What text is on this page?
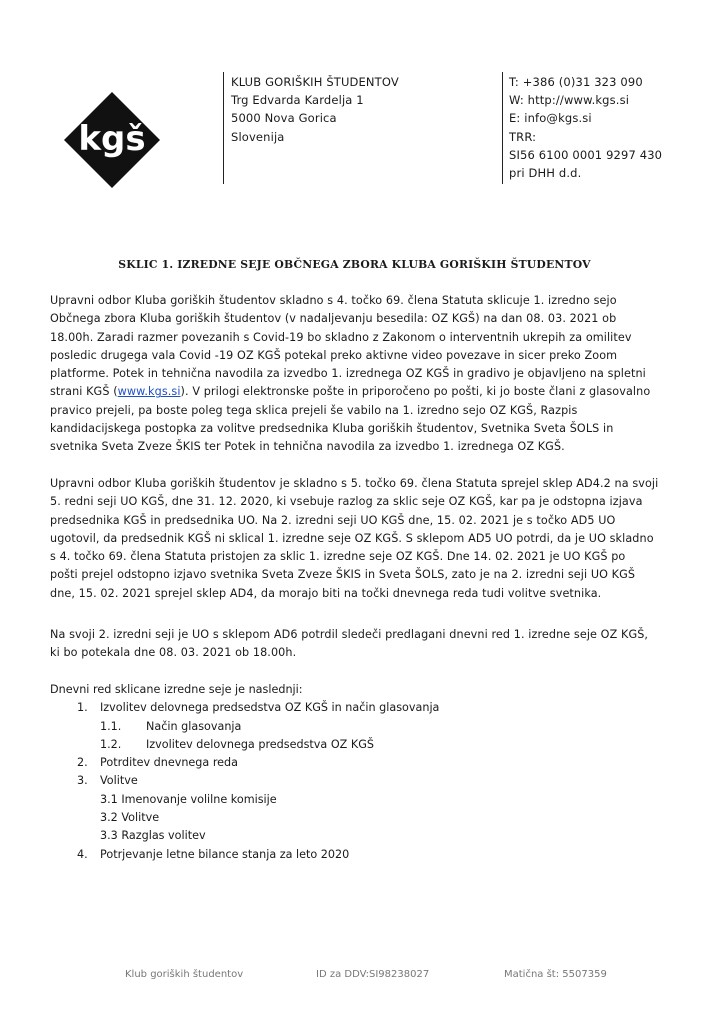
kgš
KLUB GORIŠKIH ŠTUDENTOV
Trg Edvarda Kardelja 1
5000 Nova Gorica
Slovenija
T: +386 (0)31 323 090
W: http://www.kgs.si
E: info@kgs.si
TRR:
SI56 6100 0001 9297 430
pri DHH d.d.
SKLIC 1. IZREDNE SEJE OBČNEGA ZBORA KLUBA GORIŠKIH ŠTUDENTOV
Upravni odbor Kluba goriških študentov skladno s 4. točko 69. člena Statuta sklicuje 1. izredno sejo
Občnega zbora Kluba goriških študentov (v nadaljevanju besedila: OZ KGŠ) na dan 08. 03. 2021 ob
18.00h. Zaradi razmer povezanih s Covid-19 bo skladno z Zakonom o interventnih ukrepih za omilitev
posledic drugega vala Covid -19 OZ KGŠ potekal preko aktivne video povezave in sicer preko Zoom
platforme. Potek in tehnična navodila za izvedbo 1. izrednega OZ KGŠ in gradivo je objavljeno na spletni
strani KGŠ (www.kgs.si). V prilogi elektronske pošte in priporočeno po pošti, ki jo boste člani z glasovalno
pravico prejeli, pa boste poleg tega sklica prejeli še vabilo na 1. izredno sejo OZ KGŠ, Razpis
kandidacijskega postopka za volitve predsednika Kluba goriških študentov, Svetnika Sveta ŠOLS in
svetnika Sveta Zveze ŠKIS ter Potek in tehnična navodila za izvedbo 1. izrednega OZ KGŠ.
Upravni odbor Kluba goriških študentov je skladno s 5. točko 69. člena Statuta sprejel sklep AD4.2 na svoji
5. redni seji UO KGŠ, dne 31. 12. 2020, ki vsebuje razlog za sklic seje OZ KGŠ, kar pa je odstopna izjava
predsednika KGŠ in predsednika UO. Na 2. izredni seji UO KGŠ dne, 15. 02. 2021 je s točko AD5 UO
ugotovil, da predsednik KGŠ ni sklical 1. izredne seje OZ KGŠ. S sklepom AD5 UO potrdi, da je UO skladno
s 4. točko 69. člena Statuta pristojen za sklic 1. izredne seje OZ KGŠ. Dne 14. 02. 2021 je UO KGŠ po
pošti prejel odstopno izjavo svetnika Sveta Zveze ŠKIS in Sveta ŠOLS, zato je na 2. izredni seji UO KGŠ
dne, 15. 02. 2021 sprejel sklep AD4, da morajo biti na točki dnevnega reda tudi volitve svetnika.
Na svoji 2. izredni seji je UO s sklepom AD6 potrdil sledeči predlagani dnevni red 1. izredne seje OZ KGŠ,
ki bo potekala dne 08. 03. 2021 ob 18.00h.
Dnevni red sklicane izredne seje je naslednji:
1. Izvolitev delovnega predsedstva OZ KGŠ in način glasovanja
1.1. Način glasovanja
1.2. Izvolitev delovnega predsedstva OZ KGŠ
2. Potrditev dnevnega reda
3. Volitve
3.1 Imenovanje volilne komisije
3.2 Volitve
3.3 Razglas volitev
4. Potrjevanje letne bilance stanja za leto 2020
Klub goriških študentov	ID za DDV:SI98238027	Matična št: 5507359
